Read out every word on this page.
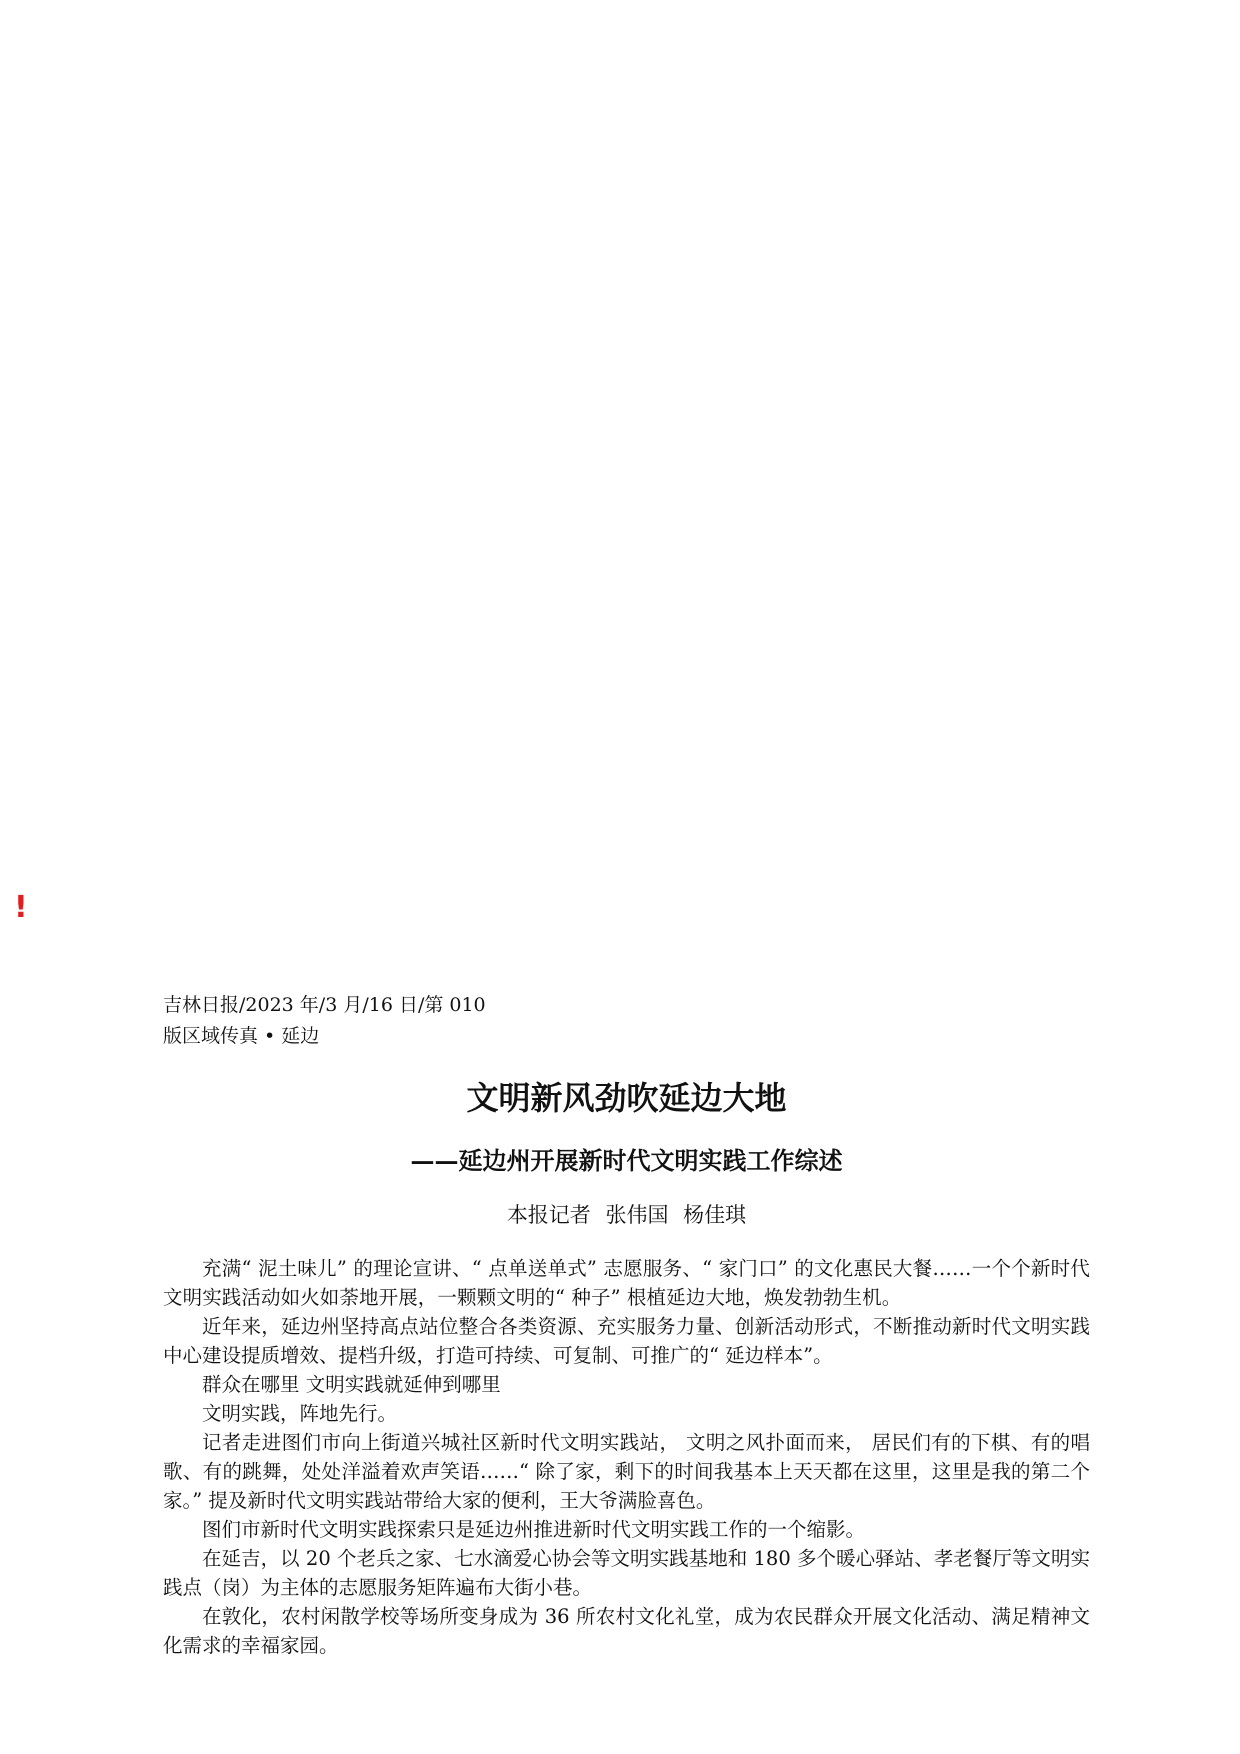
!
吉林日报/2023 年/3 月/16 日/第 010
版区域传真 • 延边
文明新风劲吹延边大地
——延边州开展新时代文明实践工作综述
本报记者 张伟国 杨佳琪

充满“ 泥土味儿” 的理论宣讲、“ 点单送单式” 志愿服务、“ 家门口” 的文化惠民大餐……一个个新时代文明实践活动如火如荼地开展，一颗颗文明的“ 种子” 根植延边大地，焕发勃勃生机。

近年来，延边州坚持高点站位整合各类资源、充实服务力量、创新活动形式，不断推动新时代文明实践中心建设提质增效、提档升级，打造可持续、可复制、可推广的“ 延边样本”。

群众在哪里 文明实践就延伸到哪里

文明实践，阵地先行。

记者走进图们市向上街道兴城社区新时代文明实践站， 文明之风扑面而来， 居民们有的下棋、有的唱歌、有的跳舞，处处洋溢着欢声笑语……“ 除了家，剩下的时间我基本上天天都在这里，这里是我的第二个家。” 提及新时代文明实践站带给大家的便利，王大爷满脸喜色。

图们市新时代文明实践探索只是延边州推进新时代文明实践工作的一个缩影。

在延吉，以 20 个老兵之家、七水滴爱心协会等文明实践基地和 180 多个暖心驿站、孝老餐厅等文明实践点（岗）为主体的志愿服务矩阵遍布大街小巷。

在敦化，农村闲散学校等场所变身成为 36 所农村文化礼堂，成为农民群众开展文化活动、满足精神文化需求的幸福家园。
